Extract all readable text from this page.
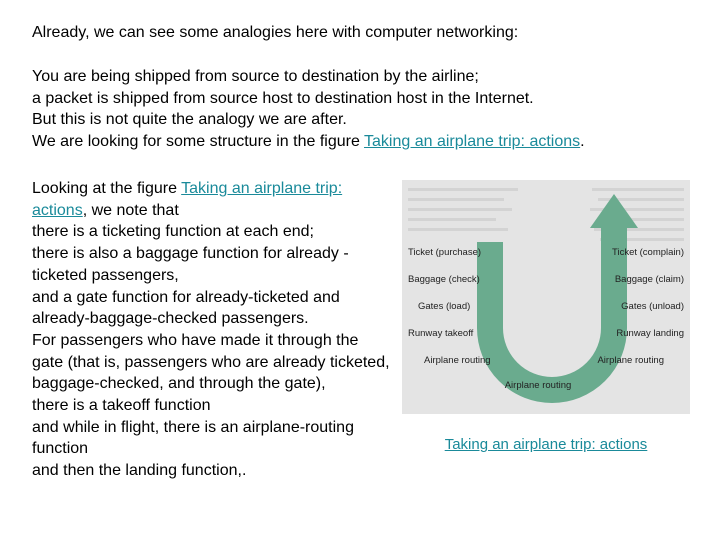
Already, we can see some analogies here with computer networking:

You are being shipped from source to destination by the airline;

a packet is shipped from source host to destination host in the Internet.

But this is not quite the analogy we are after.

We are looking for some structure in the figure Taking an airplane trip: actions.

Looking at the figure Taking an airplane trip: actions, we note that

there is a ticketing function at each end;

there is also a baggage function for already -ticketed passengers,

and a gate function for already-ticketed and already-baggage-checked passengers.

For passengers who have made it through the gate (that is, passengers who are already ticketed, baggage-checked, and through the gate),

there is a takeoff function

and while in flight, there is an airplane-routing function

and then the landing function,.

Ticket (purchase)
Baggage (check)
Gates (load)
Runway takeoff
Airplane routing
Ticket (complain)
Baggage (claim)
Gates (unload)
Runway landing
Airplane routing
Airplane routing
Taking an airplane trip: actions
